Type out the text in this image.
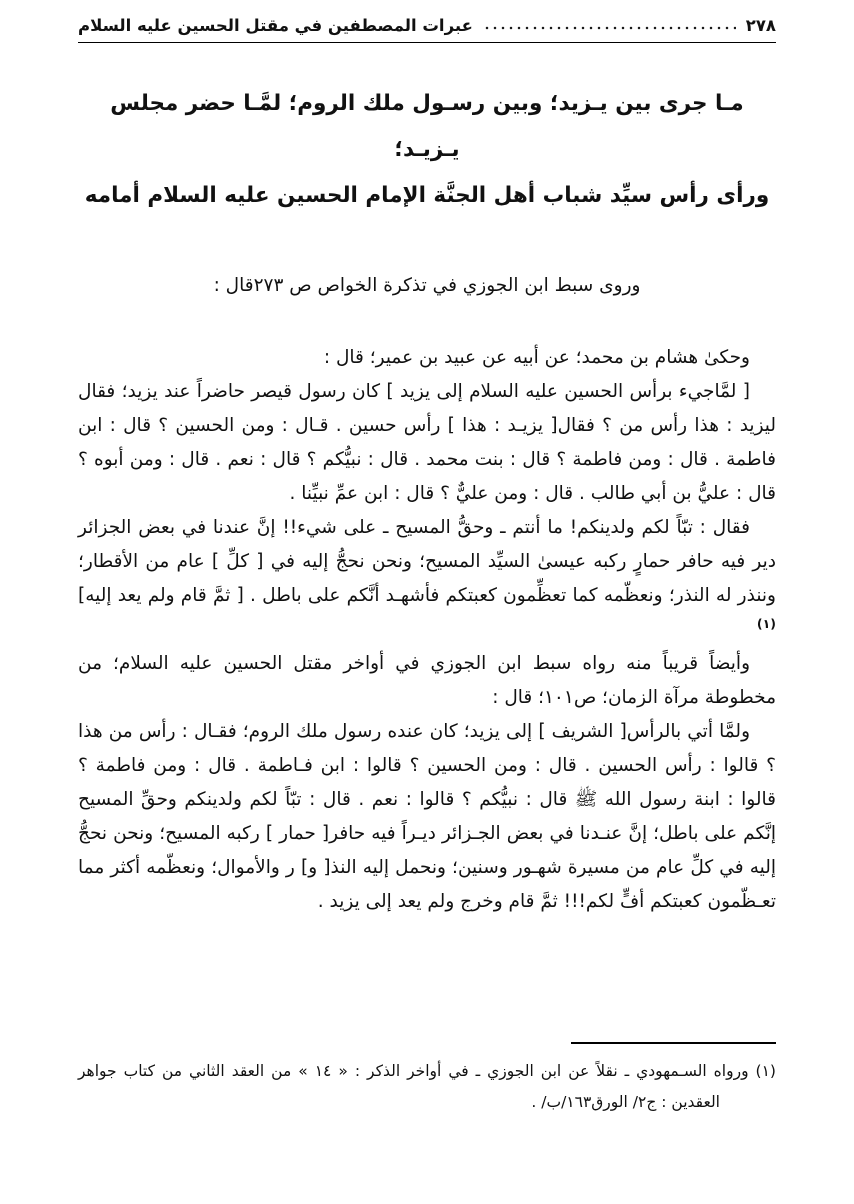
٢٧٨
عبرات المصطفين في مقتل الحسين عليه السلام
مـا جرى بين يـزيد؛ وبين رسـول ملك الروم؛ لمَّـا حضر مجلس يـزيـد؛
ورأى رأس سيِّد شباب أهل الجنَّة الإمام الحسين عليه السلام أمامه

وروى سبط ابن الجوزي في تذكرة الخواص ص ٢٧٣قال :

وحكىٰ هشام بن محمد؛ عن أبيه عن عبيد بن عمير؛ قال :

[ لمَّاجيء برأس الحسين عليه السلام إلى يزيد ] كان رسول قيصر حاضراً عند يزيد؛ فقال ليزيد : هذا رأس من ؟ فقال[ يزيـد : هذا ] رأس حسين . قـال : ومن الحسين ؟ قال : ابن فاطمة . قال : ومن فاطمة ؟ قال : بنت محمد . قال : نبيُّكم ؟ قال : نعم . قال : ومن أبوه ؟ قال : عليُّ بن أبي طالب . قال : ومن عليٌّ ؟ قال : ابن عمِّ نبيِّنا .

فقال : تبّاً لكم ولدينكم! ما أنتم ـ وحقُّ المسيح ـ على شيء!! إنَّ عندنا في بعض الجزائر دير فيه حافر حمارٍ ركبه عيسىٰ السيِّد المسيح؛ ونحن نحجُّ إليه في [ كلِّ ] عام من الأقطار؛ وننذر له النذر؛ ونعظّمه كما تعظِّمون كعبتكم فأشهـد أنَّكم على باطل . [ ثمَّ قام ولم يعد إليه] $^{(١)}$

وأيضاً قريباً منه رواه سبط ابن الجوزي في أواخر مقتل الحسين عليه السلام؛ من مخطوطة مرآة الزمان؛ ص١٠١؛ قال :

ولمَّا أتي بالرأس[ الشريف ] إلى يزيد؛ كان عنده رسول ملك الروم؛ فقـال : رأس من هذا ؟ قالوا : رأس الحسين . قال : ومن الحسين ؟ قالوا : ابن فـاطمة . قال : ومن فاطمة ؟ قالوا : ابنة رسول الله ﷺ قال : نبيُّكم ؟ قالوا : نعم . قال : تبّاً لكم ولدينكم وحقِّ المسيح إنَّكم على باطل؛ إنَّ عنـدنا في بعض الجـزائر ديـراً فيه حافر[ حمار ] ركبه المسيح؛ ونحن نحجُّ إليه في كلِّ عام من مسيرة شهـور وسنين؛ ونحمل إليه النذ[ و] ر والأموال؛ ونعظّمه أكثر مما تعـظّمون كعبتكم أفٍّ لكم!!! ثمَّ قام وخرج ولم يعد إلى يزيد .

(١) ورواه السـمهودي ـ نقلاً عن ابن الجوزي ـ في أواخر الذكر : « ١٤ » من العقد الثاني من كتاب جواهر العقدين : ج٢/ الورق١٦٣/ب/ .
